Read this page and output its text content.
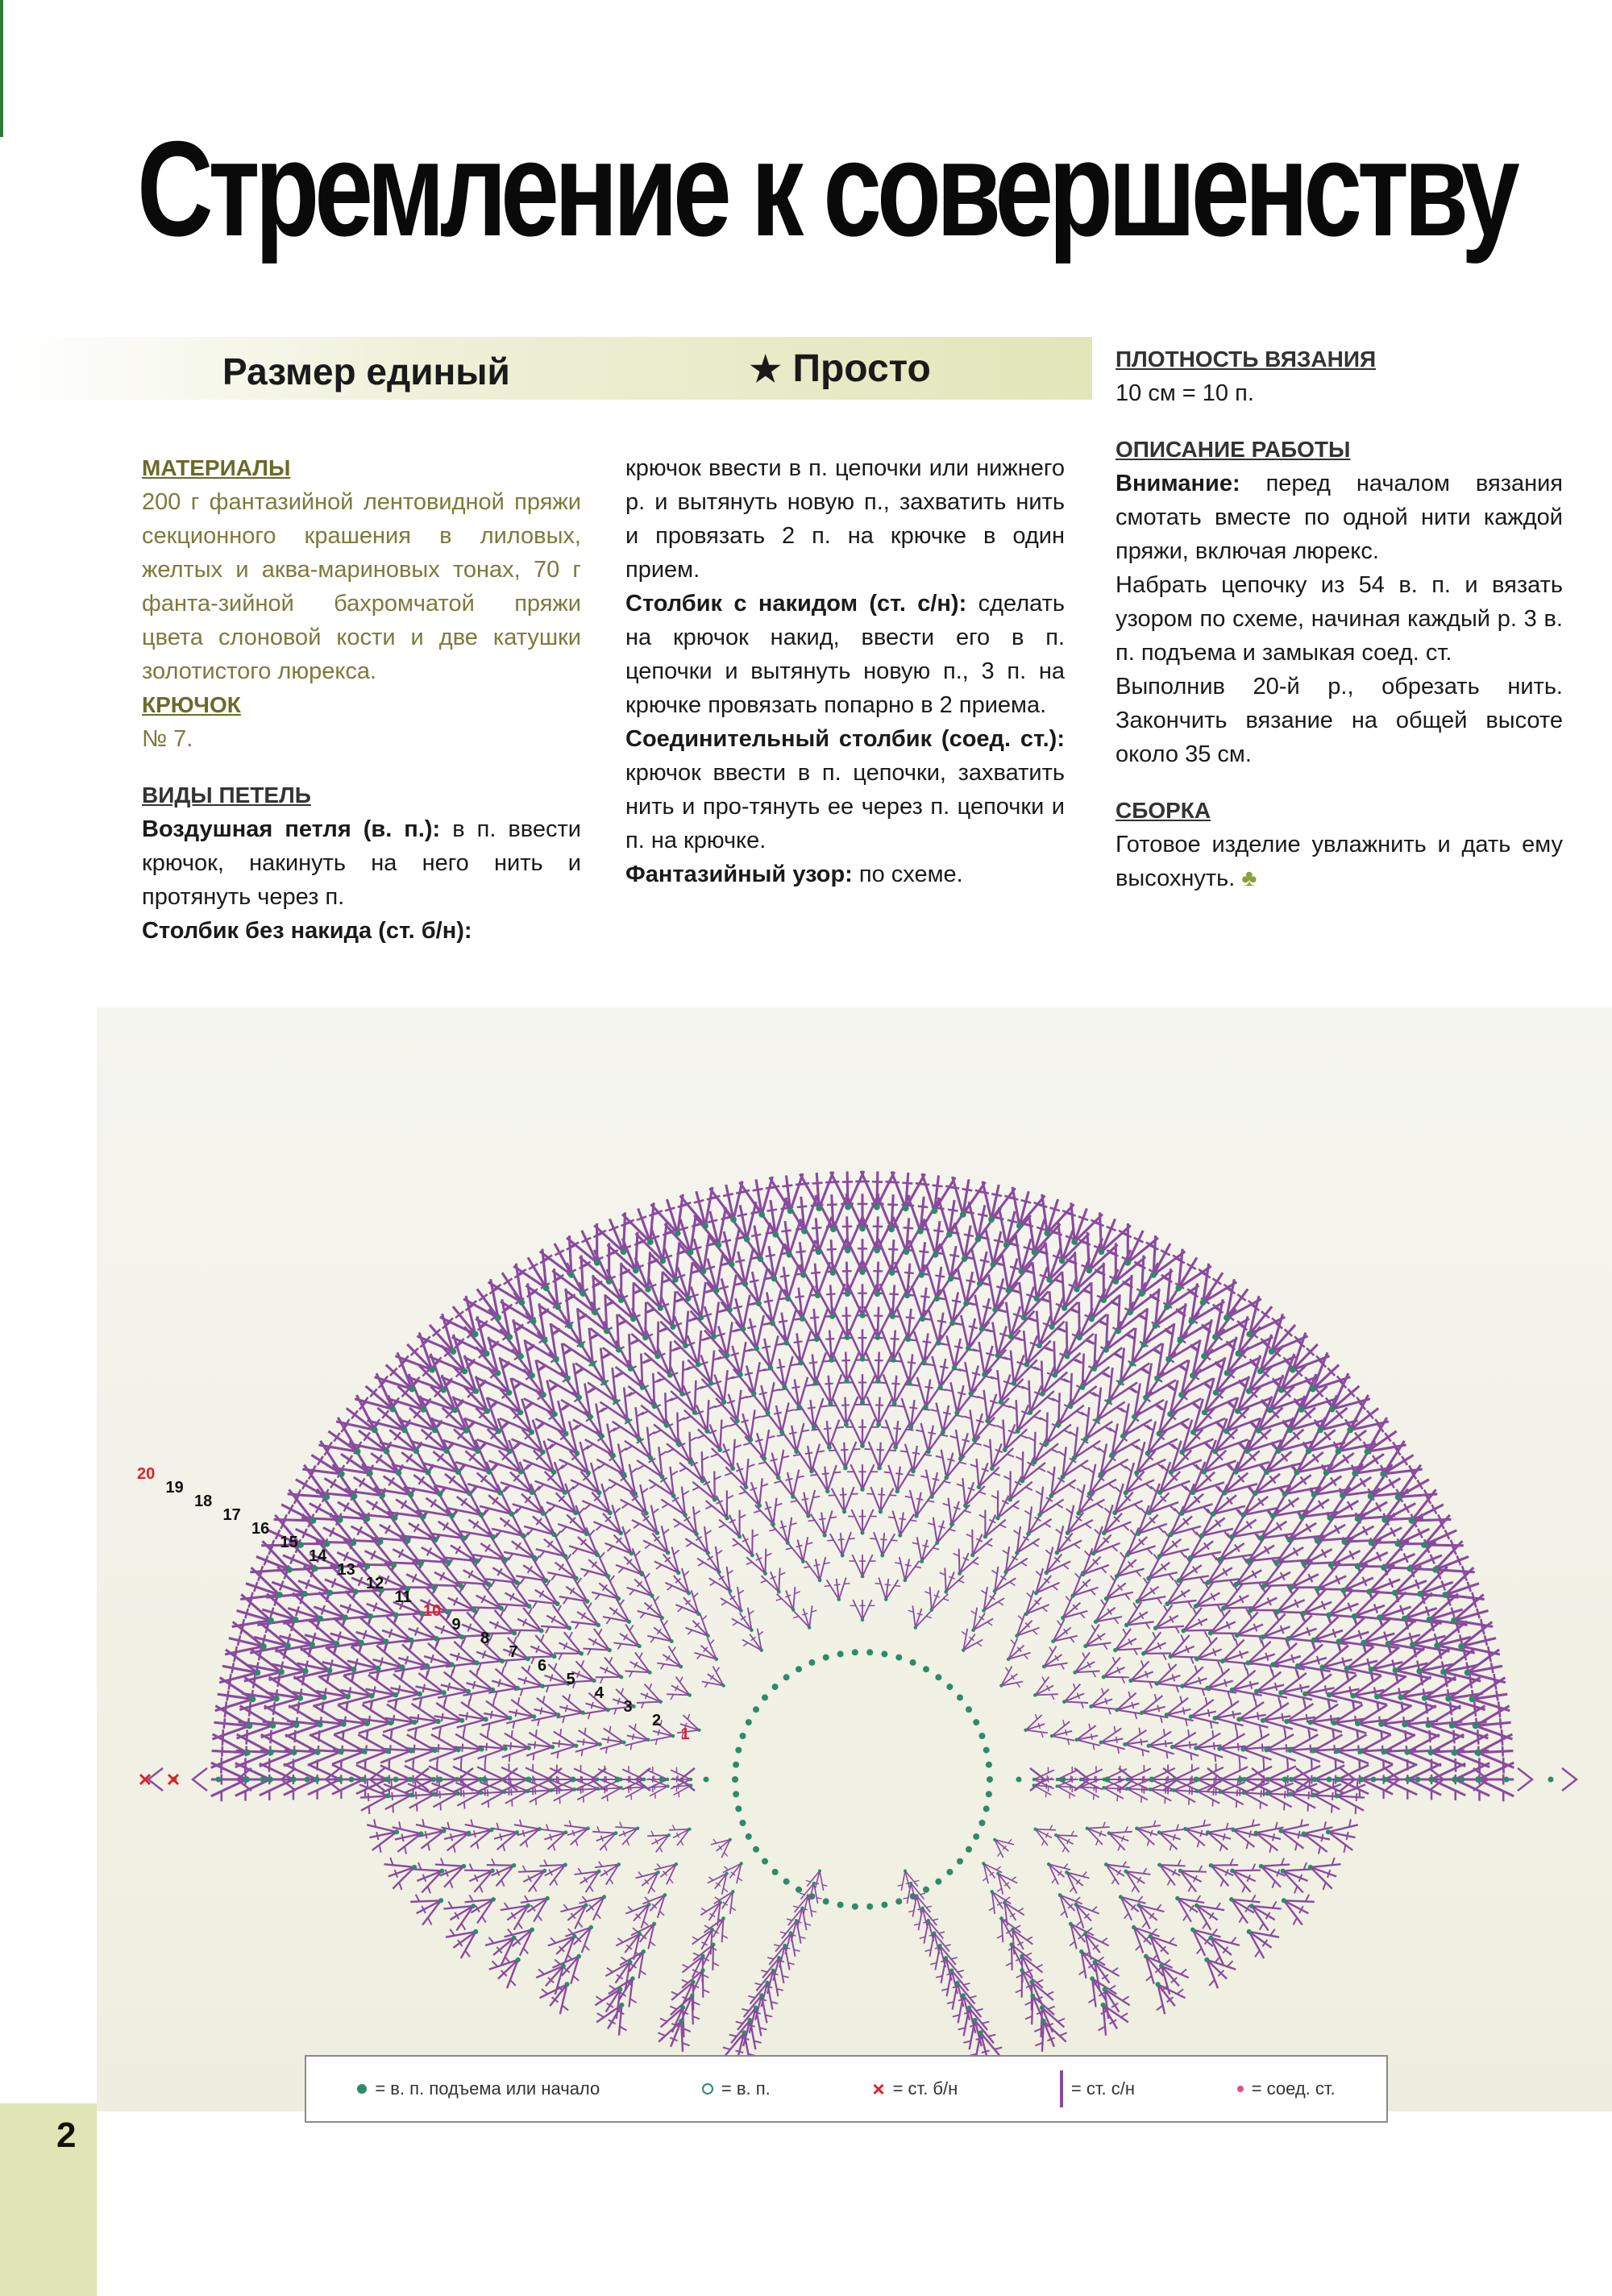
Стремление к совершенству
Размер единый	★ Просто
МАТЕРИАЛЫ
200 г фантазийной лентовидной пряжи секционного крашения в лиловых, желтых и аква-мариновых тонах, 70 г фанта-зийной бахромчатой пряжи цвета слоновой кости и две катушки золотистого люрекса.
КРЮЧОК
№ 7.
ВИДЫ ПЕТЕЛЬ
Воздушная петля (в. п.): в п. ввести крючок, накинуть на него нить и протянуть через п.
Столбик без накида (ст. б/н):
крючок ввести в п. цепочки или нижнего р. и вытянуть новую п., захватить нить и провязать 2 п. на крючке в один прием.
Столбик с накидом (ст. с/н): сделать на крючок накид, ввести его в п. цепочки и вытянуть новую п., 3 п. на крючке провязать попарно в 2 приема.
Соединительный столбик (соед. ст.): крючок ввести в п. цепочки, захватить нить и про-тянуть ее через п. цепочки и п. на крючке.
Фантазийный узор: по схеме.
ПЛОТНОСТЬ ВЯЗАНИЯ
10 см = 10 п.
ОПИСАНИЕ РАБОТЫ
Внимание: перед началом вязания смотать вместе по одной нити каждой пряжи, включая люрекс.
Набрать цепочку из 54 в. п. и вязать узором по схеме, начиная каждый р. 3 в. п. подъема и замыкая соед. ст.
Выполнив 20-й р., обрезать нить. Закончить вязание на общей высоте около 35 см.
СБОРКА
Готовое изделие увлажнить и дать ему высохнуть. ♣
1
2
3
4
5
6
7
8
9
10
11
12
13
14
15
16
17
18
19
20
= в. п. подъема или начало	= в. п.	× = ст. б/н	= ст. с/н	= соед. ст.
2
